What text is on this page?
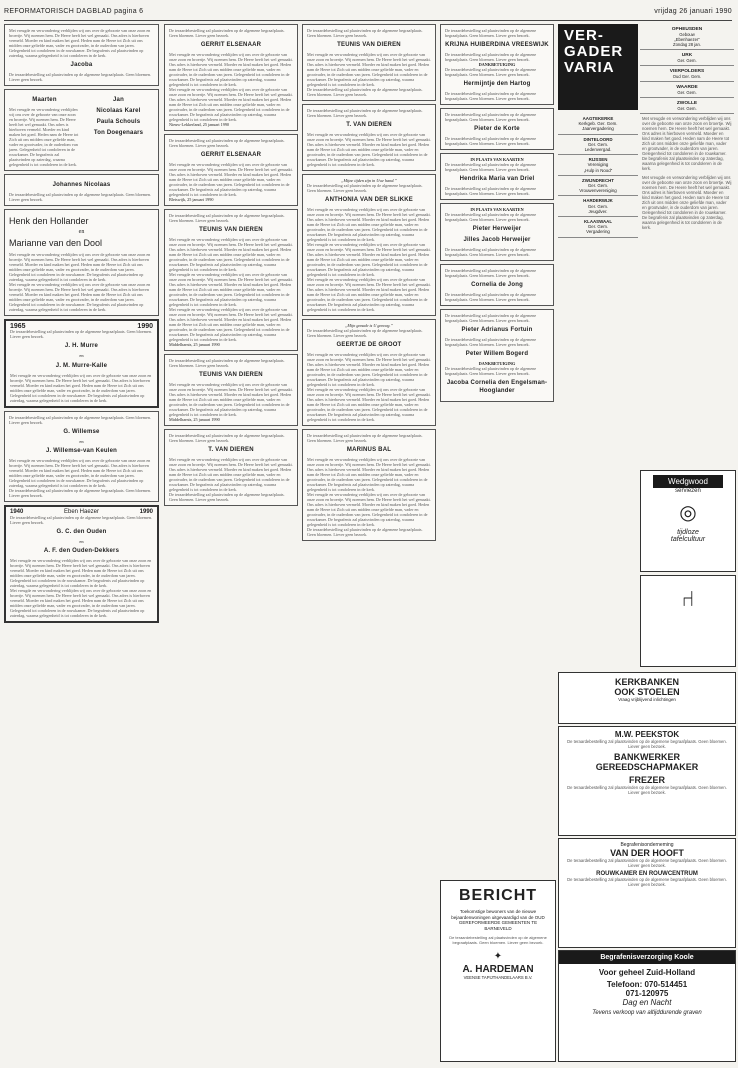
REFORMATORISCH DAGBLAD pagina 6	vrijdag 26 januari 1990
Met vreugde en verwondering verblijden wij ons over de geboorte van onze zoon en broertje. Wij noemen hem. De Heere heeft het wel gemaakt. Ons adres is hierboven vermeld. Moeder en kind maken het goed. Heden nam de Heere tot Zich uit ons midden onze geliefde man, vader en grootvader, in de ouderdom van jaren. Gelegenheid tot condoleren in de rouwkamer. De begrafenis zal plaatsvinden op zaterdag, waarna gelegenheid is tot condoleren in de kerk.
Jacoba
De teraardebestelling zal plaatsvinden op de algemene begraafplaats. Geen bloemen. Liever geen bezoek.
Maarten
Met vreugde en verwondering verblijden wij ons over de geboorte van onze zoon en broertje. Wij noemen hem. De Heere heeft het wel gemaakt. Ons adres is hierboven vermeld. Moeder en kind maken het goed. Heden nam de Heere tot Zich uit ons midden onze geliefde man, vader en grootvader, in de ouderdom van jaren. Gelegenheid tot condoleren in de rouwkamer. De begrafenis zal plaatsvinden op zaterdag, waarna gelegenheid is tot condoleren in de kerk.
Jan
Nicolaas Karel
Paula Schouls
Ton Doegenaars
Johannes Nicolaas
De teraardebestelling zal plaatsvinden op de algemene begraafplaats. Geen bloemen. Liever geen bezoek.
Henk den Hollander
en
Marianne van den Dool
Met vreugde en verwondering verblijden wij ons over de geboorte van onze zoon en broertje. Wij noemen hem. De Heere heeft het wel gemaakt. Ons adres is hierboven vermeld. Moeder en kind maken het goed. Heden nam de Heere tot Zich uit ons midden onze geliefde man, vader en grootvader, in de ouderdom van jaren. Gelegenheid tot condoleren in de rouwkamer. De begrafenis zal plaatsvinden op zaterdag, waarna gelegenheid is tot condoleren in de kerk.
Met vreugde en verwondering verblijden wij ons over de geboorte van onze zoon en broertje. Wij noemen hem. De Heere heeft het wel gemaakt. Ons adres is hierboven vermeld. Moeder en kind maken het goed. Heden nam de Heere tot Zich uit ons midden onze geliefde man, vader en grootvader, in de ouderdom van jaren. Gelegenheid tot condoleren in de rouwkamer. De begrafenis zal plaatsvinden op zaterdag, waarna gelegenheid is tot condoleren in de kerk.
1965	1990
De teraardebestelling zal plaatsvinden op de algemene begraafplaats. Geen bloemen. Liever geen bezoek.
J. H. Murre
en
J. M. Murre-Kalle
Met vreugde en verwondering verblijden wij ons over de geboorte van onze zoon en broertje. Wij noemen hem. De Heere heeft het wel gemaakt. Ons adres is hierboven vermeld. Moeder en kind maken het goed. Heden nam de Heere tot Zich uit ons midden onze geliefde man, vader en grootvader, in de ouderdom van jaren. Gelegenheid tot condoleren in de rouwkamer. De begrafenis zal plaatsvinden op zaterdag, waarna gelegenheid is tot condoleren in de kerk.
De teraardebestelling zal plaatsvinden op de algemene begraafplaats. Geen bloemen. Liever geen bezoek.
G. Willemse
en
J. Willemse-van Keulen
Met vreugde en verwondering verblijden wij ons over de geboorte van onze zoon en broertje. Wij noemen hem. De Heere heeft het wel gemaakt. Ons adres is hierboven vermeld. Moeder en kind maken het goed. Heden nam de Heere tot Zich uit ons midden onze geliefde man, vader en grootvader, in de ouderdom van jaren. Gelegenheid tot condoleren in de rouwkamer. De begrafenis zal plaatsvinden op zaterdag, waarna gelegenheid is tot condoleren in de kerk.
De teraardebestelling zal plaatsvinden op de algemene begraafplaats. Geen bloemen. Liever geen bezoek.
1940	Eben Haezer	1990
De teraardebestelling zal plaatsvinden op de algemene begraafplaats. Geen bloemen. Liever geen bezoek.
G. C. den Ouden
en
A. F. den Ouden-Dekkers
Met vreugde en verwondering verblijden wij ons over de geboorte van onze zoon en broertje. Wij noemen hem. De Heere heeft het wel gemaakt. Ons adres is hierboven vermeld. Moeder en kind maken het goed. Heden nam de Heere tot Zich uit ons midden onze geliefde man, vader en grootvader, in de ouderdom van jaren. Gelegenheid tot condoleren in de rouwkamer. De begrafenis zal plaatsvinden op zaterdag, waarna gelegenheid is tot condoleren in de kerk.
Met vreugde en verwondering verblijden wij ons over de geboorte van onze zoon en broertje. Wij noemen hem. De Heere heeft het wel gemaakt. Ons adres is hierboven vermeld. Moeder en kind maken het goed. Heden nam de Heere tot Zich uit ons midden onze geliefde man, vader en grootvader, in de ouderdom van jaren. Gelegenheid tot condoleren in de rouwkamer. De begrafenis zal plaatsvinden op zaterdag, waarna gelegenheid is tot condoleren in de kerk.
De teraardebestelling zal plaatsvinden op de algemene begraafplaats. Geen bloemen. Liever geen bezoek.
GERRIT ELSENAAR
Met vreugde en verwondering verblijden wij ons over de geboorte van onze zoon en broertje. Wij noemen hem. De Heere heeft het wel gemaakt. Ons adres is hierboven vermeld. Moeder en kind maken het goed. Heden nam de Heere tot Zich uit ons midden onze geliefde man, vader en grootvader, in de ouderdom van jaren. Gelegenheid tot condoleren in de rouwkamer. De begrafenis zal plaatsvinden op zaterdag, waarna gelegenheid is tot condoleren in de kerk.
Met vreugde en verwondering verblijden wij ons over de geboorte van onze zoon en broertje. Wij noemen hem. De Heere heeft het wel gemaakt. Ons adres is hierboven vermeld. Moeder en kind maken het goed. Heden nam de Heere tot Zich uit ons midden onze geliefde man, vader en grootvader, in de ouderdom van jaren. Gelegenheid tot condoleren in de rouwkamer. De begrafenis zal plaatsvinden op zaterdag, waarna gelegenheid is tot condoleren in de kerk.
Nieuw-Lekkerland, 25 januari 1990
De teraardebestelling zal plaatsvinden op de algemene begraafplaats. Geen bloemen. Liever geen bezoek.
GERRIT ELSENAAR
Met vreugde en verwondering verblijden wij ons over de geboorte van onze zoon en broertje. Wij noemen hem. De Heere heeft het wel gemaakt. Ons adres is hierboven vermeld. Moeder en kind maken het goed. Heden nam de Heere tot Zich uit ons midden onze geliefde man, vader en grootvader, in de ouderdom van jaren. Gelegenheid tot condoleren in de rouwkamer. De begrafenis zal plaatsvinden op zaterdag, waarna gelegenheid is tot condoleren in de kerk.
Bleiswijk, 25 januari 1990
De teraardebestelling zal plaatsvinden op de algemene begraafplaats. Geen bloemen. Liever geen bezoek.
TEUNIS VAN DIEREN
Met vreugde en verwondering verblijden wij ons over de geboorte van onze zoon en broertje. Wij noemen hem. De Heere heeft het wel gemaakt. Ons adres is hierboven vermeld. Moeder en kind maken het goed. Heden nam de Heere tot Zich uit ons midden onze geliefde man, vader en grootvader, in de ouderdom van jaren. Gelegenheid tot condoleren in de rouwkamer. De begrafenis zal plaatsvinden op zaterdag, waarna gelegenheid is tot condoleren in de kerk.
Met vreugde en verwondering verblijden wij ons over de geboorte van onze zoon en broertje. Wij noemen hem. De Heere heeft het wel gemaakt. Ons adres is hierboven vermeld. Moeder en kind maken het goed. Heden nam de Heere tot Zich uit ons midden onze geliefde man, vader en grootvader, in de ouderdom van jaren. Gelegenheid tot condoleren in de rouwkamer. De begrafenis zal plaatsvinden op zaterdag, waarna gelegenheid is tot condoleren in de kerk.
Met vreugde en verwondering verblijden wij ons over de geboorte van onze zoon en broertje. Wij noemen hem. De Heere heeft het wel gemaakt. Ons adres is hierboven vermeld. Moeder en kind maken het goed. Heden nam de Heere tot Zich uit ons midden onze geliefde man, vader en grootvader, in de ouderdom van jaren. Gelegenheid tot condoleren in de rouwkamer. De begrafenis zal plaatsvinden op zaterdag, waarna gelegenheid is tot condoleren in de kerk.
Middelharnis, 25 januari 1990
De teraardebestelling zal plaatsvinden op de algemene begraafplaats. Geen bloemen. Liever geen bezoek.
TEUNIS VAN DIEREN
Met vreugde en verwondering verblijden wij ons over de geboorte van onze zoon en broertje. Wij noemen hem. De Heere heeft het wel gemaakt. Ons adres is hierboven vermeld. Moeder en kind maken het goed. Heden nam de Heere tot Zich uit ons midden onze geliefde man, vader en grootvader, in de ouderdom van jaren. Gelegenheid tot condoleren in de rouwkamer. De begrafenis zal plaatsvinden op zaterdag, waarna gelegenheid is tot condoleren in de kerk.
Middelharnis, 25 januari 1990
De teraardebestelling zal plaatsvinden op de algemene begraafplaats. Geen bloemen. Liever geen bezoek.
T. VAN DIEREN
Met vreugde en verwondering verblijden wij ons over de geboorte van onze zoon en broertje. Wij noemen hem. De Heere heeft het wel gemaakt. Ons adres is hierboven vermeld. Moeder en kind maken het goed. Heden nam de Heere tot Zich uit ons midden onze geliefde man, vader en grootvader, in de ouderdom van jaren. Gelegenheid tot condoleren in de rouwkamer. De begrafenis zal plaatsvinden op zaterdag, waarna gelegenheid is tot condoleren in de kerk.
De teraardebestelling zal plaatsvinden op de algemene begraafplaats. Geen bloemen. Liever geen bezoek.
De teraardebestelling zal plaatsvinden op de algemene begraafplaats. Geen bloemen. Liever geen bezoek.
TEUNIS VAN DIEREN
Met vreugde en verwondering verblijden wij ons over de geboorte van onze zoon en broertje. Wij noemen hem. De Heere heeft het wel gemaakt. Ons adres is hierboven vermeld. Moeder en kind maken het goed. Heden nam de Heere tot Zich uit ons midden onze geliefde man, vader en grootvader, in de ouderdom van jaren. Gelegenheid tot condoleren in de rouwkamer. De begrafenis zal plaatsvinden op zaterdag, waarna gelegenheid is tot condoleren in de kerk.
De teraardebestelling zal plaatsvinden op de algemene begraafplaats. Geen bloemen. Liever geen bezoek.
De teraardebestelling zal plaatsvinden op de algemene begraafplaats. Geen bloemen. Liever geen bezoek.
T. VAN DIEREN
Met vreugde en verwondering verblijden wij ons over de geboorte van onze zoon en broertje. Wij noemen hem. De Heere heeft het wel gemaakt. Ons adres is hierboven vermeld. Moeder en kind maken het goed. Heden nam de Heere tot Zich uit ons midden onze geliefde man, vader en grootvader, in de ouderdom van jaren. Gelegenheid tot condoleren in de rouwkamer. De begrafenis zal plaatsvinden op zaterdag, waarna gelegenheid is tot condoleren in de kerk.
„Mijne tijden zijn in Uwe hand.”
De teraardebestelling zal plaatsvinden op de algemene begraafplaats. Geen bloemen. Liever geen bezoek.
ANTHONIA VAN DER SLIKKE
Met vreugde en verwondering verblijden wij ons over de geboorte van onze zoon en broertje. Wij noemen hem. De Heere heeft het wel gemaakt. Ons adres is hierboven vermeld. Moeder en kind maken het goed. Heden nam de Heere tot Zich uit ons midden onze geliefde man, vader en grootvader, in de ouderdom van jaren. Gelegenheid tot condoleren in de rouwkamer. De begrafenis zal plaatsvinden op zaterdag, waarna gelegenheid is tot condoleren in de kerk.
Met vreugde en verwondering verblijden wij ons over de geboorte van onze zoon en broertje. Wij noemen hem. De Heere heeft het wel gemaakt. Ons adres is hierboven vermeld. Moeder en kind maken het goed. Heden nam de Heere tot Zich uit ons midden onze geliefde man, vader en grootvader, in de ouderdom van jaren. Gelegenheid tot condoleren in de rouwkamer. De begrafenis zal plaatsvinden op zaterdag, waarna gelegenheid is tot condoleren in de kerk.
Met vreugde en verwondering verblijden wij ons over de geboorte van onze zoon en broertje. Wij noemen hem. De Heere heeft het wel gemaakt. Ons adres is hierboven vermeld. Moeder en kind maken het goed. Heden nam de Heere tot Zich uit ons midden onze geliefde man, vader en grootvader, in de ouderdom van jaren. Gelegenheid tot condoleren in de rouwkamer. De begrafenis zal plaatsvinden op zaterdag, waarna gelegenheid is tot condoleren in de kerk.
„Mijn genade is U genoeg.”
De teraardebestelling zal plaatsvinden op de algemene begraafplaats. Geen bloemen. Liever geen bezoek.
GEERTJE DE GROOT
Met vreugde en verwondering verblijden wij ons over de geboorte van onze zoon en broertje. Wij noemen hem. De Heere heeft het wel gemaakt. Ons adres is hierboven vermeld. Moeder en kind maken het goed. Heden nam de Heere tot Zich uit ons midden onze geliefde man, vader en grootvader, in de ouderdom van jaren. Gelegenheid tot condoleren in de rouwkamer. De begrafenis zal plaatsvinden op zaterdag, waarna gelegenheid is tot condoleren in de kerk.
Met vreugde en verwondering verblijden wij ons over de geboorte van onze zoon en broertje. Wij noemen hem. De Heere heeft het wel gemaakt. Ons adres is hierboven vermeld. Moeder en kind maken het goed. Heden nam de Heere tot Zich uit ons midden onze geliefde man, vader en grootvader, in de ouderdom van jaren. Gelegenheid tot condoleren in de rouwkamer. De begrafenis zal plaatsvinden op zaterdag, waarna gelegenheid is tot condoleren in de kerk.
De teraardebestelling zal plaatsvinden op de algemene begraafplaats. Geen bloemen. Liever geen bezoek.
MARINUS BAL
Met vreugde en verwondering verblijden wij ons over de geboorte van onze zoon en broertje. Wij noemen hem. De Heere heeft het wel gemaakt. Ons adres is hierboven vermeld. Moeder en kind maken het goed. Heden nam de Heere tot Zich uit ons midden onze geliefde man, vader en grootvader, in de ouderdom van jaren. Gelegenheid tot condoleren in de rouwkamer. De begrafenis zal plaatsvinden op zaterdag, waarna gelegenheid is tot condoleren in de kerk.
Met vreugde en verwondering verblijden wij ons over de geboorte van onze zoon en broertje. Wij noemen hem. De Heere heeft het wel gemaakt. Ons adres is hierboven vermeld. Moeder en kind maken het goed. Heden nam de Heere tot Zich uit ons midden onze geliefde man, vader en grootvader, in de ouderdom van jaren. Gelegenheid tot condoleren in de rouwkamer. De begrafenis zal plaatsvinden op zaterdag, waarna gelegenheid is tot condoleren in de kerk.
De teraardebestelling zal plaatsvinden op de algemene begraafplaats. Geen bloemen. Liever geen bezoek.
De teraardebestelling zal plaatsvinden op de algemene begraafplaats. Geen bloemen. Liever geen bezoek.
KRIJNA HUIBERDINA VREESWIJK
De teraardebestelling zal plaatsvinden op de algemene begraafplaats. Geen bloemen. Liever geen bezoek.
DANKBETUIGING
De teraardebestelling zal plaatsvinden op de algemene begraafplaats. Geen bloemen. Liever geen bezoek.
Hermijntje den Hartog
De teraardebestelling zal plaatsvinden op de algemene begraafplaats. Geen bloemen. Liever geen bezoek.
De teraardebestelling zal plaatsvinden op de algemene begraafplaats. Geen bloemen. Liever geen bezoek.
Pieter de Korte
De teraardebestelling zal plaatsvinden op de algemene begraafplaats. Geen bloemen. Liever geen bezoek.
IN PLAATS VAN KAARTEN
De teraardebestelling zal plaatsvinden op de algemene begraafplaats. Geen bloemen. Liever geen bezoek.
Hendrika Maria van Driel
De teraardebestelling zal plaatsvinden op de algemene begraafplaats. Geen bloemen. Liever geen bezoek.
IN PLAATS VAN KAARTEN
De teraardebestelling zal plaatsvinden op de algemene begraafplaats. Geen bloemen. Liever geen bezoek.
Pieter Herweijer
Jilles Jacob Herweijer
De teraardebestelling zal plaatsvinden op de algemene begraafplaats. Geen bloemen. Liever geen bezoek.
De teraardebestelling zal plaatsvinden op de algemene begraafplaats. Geen bloemen. Liever geen bezoek.
Cornelia de Jong
De teraardebestelling zal plaatsvinden op de algemene begraafplaats. Geen bloemen. Liever geen bezoek.
De teraardebestelling zal plaatsvinden op de algemene begraafplaats. Geen bloemen. Liever geen bezoek.
Pieter Adrianus Fortuin
De teraardebestelling zal plaatsvinden op de algemene begraafplaats. Geen bloemen. Liever geen bezoek.
Peter Willem Bogerd
DANKBETUIGING
De teraardebestelling zal plaatsvinden op de algemene begraafplaats. Geen bloemen. Liever geen bezoek.
Jacoba Cornelia den Engelsman-Hooglander
BERICHT
Toekomstige bewoners van de nieuwe bejaardenwoningen uitgevaardigd van de OUD GEREFORMEERDE GEMEENTEN TE BARNEVELD
De teraardebestelling zal plaatsvinden op de algemene begraafplaats. Geen bloemen. Liever geen bezoek.
✦
A. HARDEMAN
VEENSE TAPIJTHANDELAARS B.V.
VER-GADER VARIA
AAGTEKERKE
Kerkgeb. Ger. Gem.
Jaarvergadering
DINTELOORD
Ger. Gem.
Ledenvergad.
RIJSSEN
Vereniging
„Hulp in Nood”
ZWIJNDRECHT
Ger. Gem.
Vrouwenvereniging
HARDERWIJK
Ger. Gem.
Jeugdver.
KLAASWAAL
Ger. Gem.
Vergadering
OPHEUSDEN
Gebouw
„Ebenhaezer”
Zondag 28 jan.
URK
Ger. Gem.
VIERPOLDERS
Oud Ger. Gem.
WAARDE
Ger. Gem.
ZWOLLE
Ger. Gem.
Met vreugde en verwondering verblijden wij ons over de geboorte van onze zoon en broertje. Wij noemen hem. De Heere heeft het wel gemaakt. Ons adres is hierboven vermeld. Moeder en kind maken het goed. Heden nam de Heere tot Zich uit ons midden onze geliefde man, vader en grootvader, in de ouderdom van jaren. Gelegenheid tot condoleren in de rouwkamer. De begrafenis zal plaatsvinden op zaterdag, waarna gelegenheid is tot condoleren in de kerk.
Met vreugde en verwondering verblijden wij ons over de geboorte van onze zoon en broertje. Wij noemen hem. De Heere heeft het wel gemaakt. Ons adres is hierboven vermeld. Moeder en kind maken het goed. Heden nam de Heere tot Zich uit ons midden onze geliefde man, vader en grootvader, in de ouderdom van jaren. Gelegenheid tot condoleren in de rouwkamer. De begrafenis zal plaatsvinden op zaterdag, waarna gelegenheid is tot condoleren in de kerk.
Wedgwood
serviezen
◎
tijdloze
tafelcultuur
⑁
KERKBANKEN
OOK STOELEN
Vraag vrijblijvend inlichtingen
M.W. PEEKSTOK
De teraardebestelling zal plaatsvinden op de algemene begraafplaats. Geen bloemen. Liever geen bezoek.
BANKWERKER
GEREEDSCHAPMAKER
FREZER
De teraardebestelling zal plaatsvinden op de algemene begraafplaats. Geen bloemen. Liever geen bezoek.
Begrafenisonderneming
VAN DER HOOFT
De teraardebestelling zal plaatsvinden op de algemene begraafplaats. Geen bloemen. Liever geen bezoek.
ROUWKAMER EN ROUWCENTRUM
De teraardebestelling zal plaatsvinden op de algemene begraafplaats. Geen bloemen. Liever geen bezoek.
Begrafenisverzorging Koole
Voor geheel Zuid-Holland
Telefoon: 070-514451
071-120975
Dag en Nacht
Tevens verkoop van altijddurende graven
